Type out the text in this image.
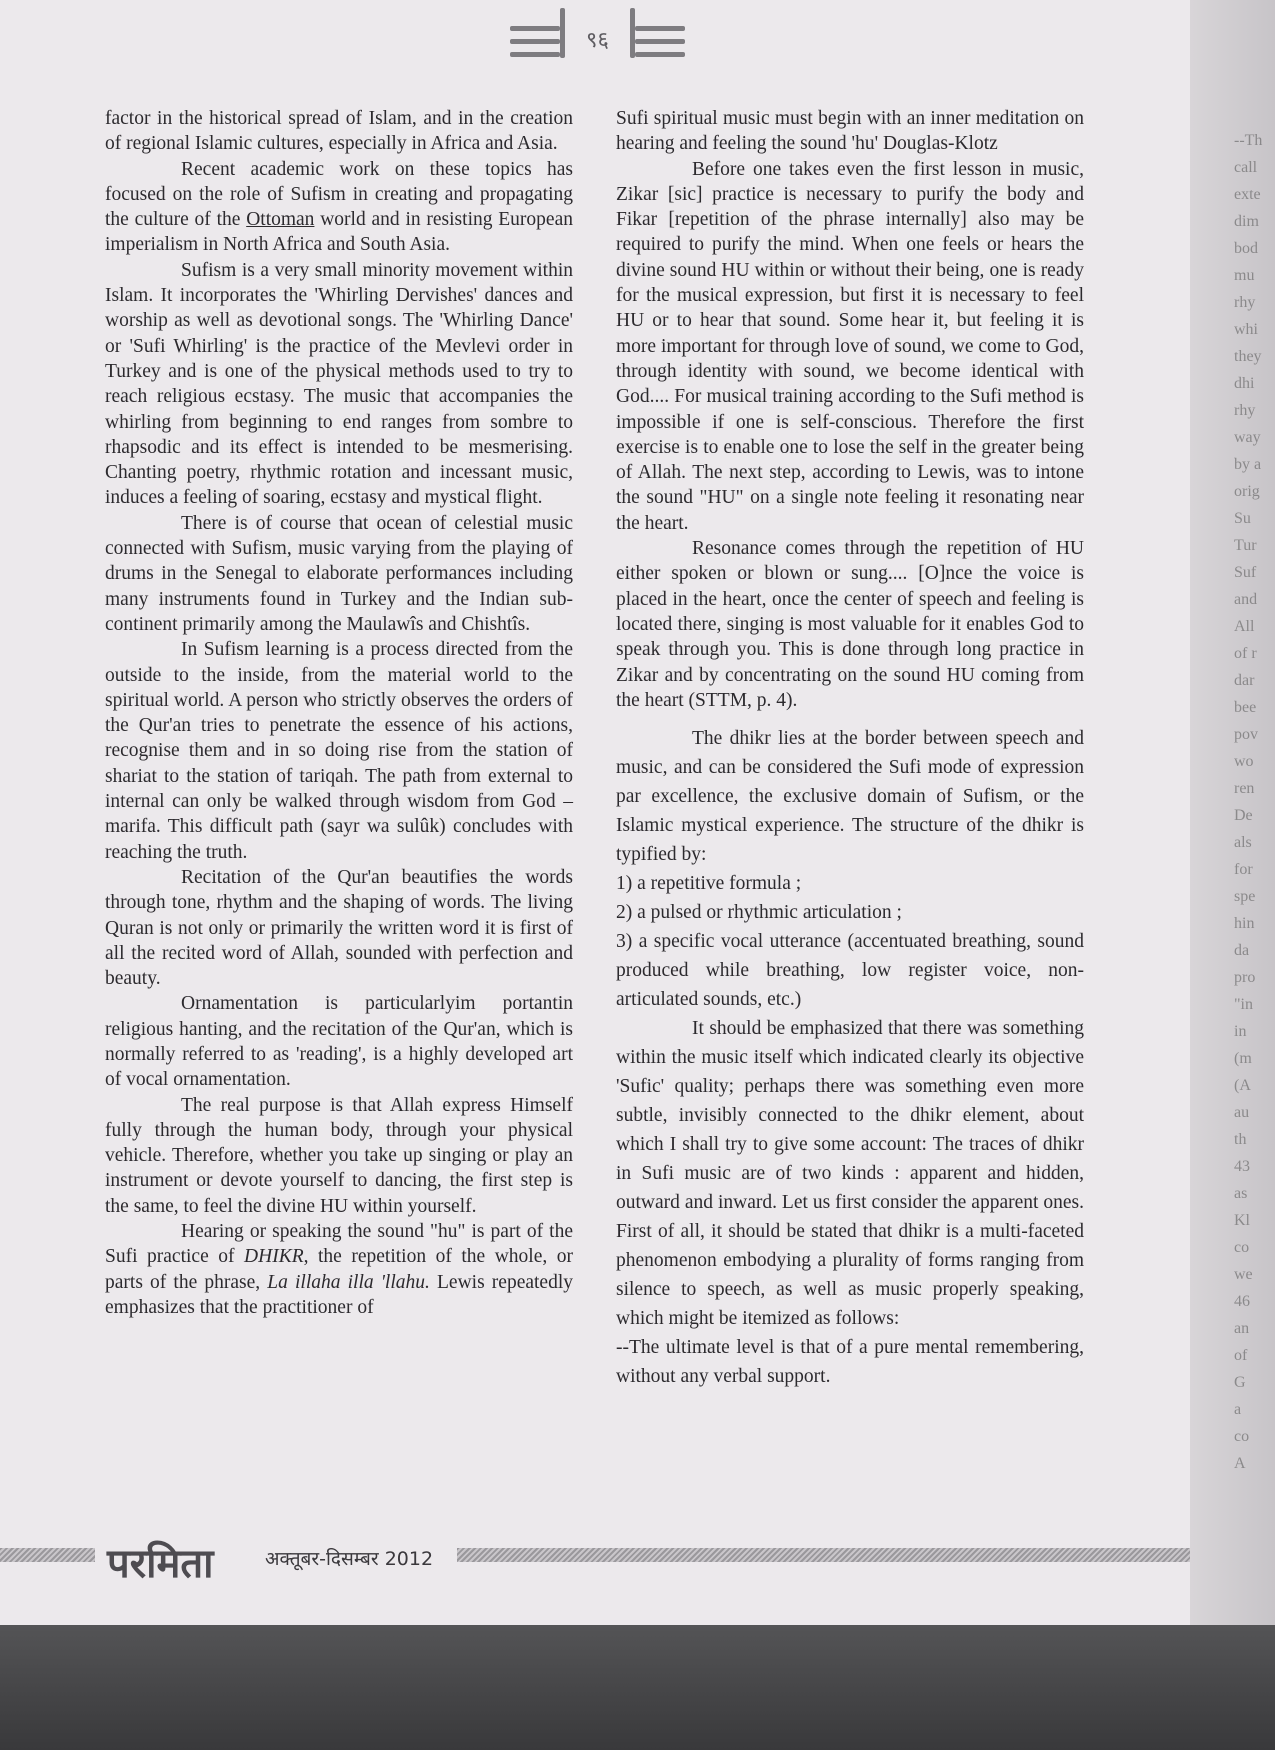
९६

factor in the historical spread of Islam, and in the creation of regional Islamic cultures, especially in Africa and Asia.

Recent academic work on these topics has focused on the role of Sufism in creating and propagating the culture of the Ottoman world and in resisting European imperialism in North Africa and South Asia.

Sufism is a very small minority movement within Islam. It incorporates the 'Whirling Dervishes' dances and worship as well as devotional songs. The 'Whirling Dance' or 'Sufi Whirling' is the practice of the Mevlevi order in Turkey and is one of the physical methods used to try to reach religious ecstasy. The music that accompanies the whirling from beginning to end ranges from sombre to rhapsodic and its effect is intended to be mesmerising. Chanting poetry, rhythmic rotation and incessant music, induces a feeling of soaring, ecstasy and mystical flight.

There is of course that ocean of celestial music connected with Sufism, music varying from the playing of drums in the Senegal to elaborate performances including many instruments found in Turkey and the Indian sub-continent primarily among the Maulawîs and Chishtîs.

In Sufism learning is a process directed from the outside to the inside, from the material world to the spiritual world. A person who strictly observes the orders of the Qur'an tries to penetrate the essence of his actions, recognise them and in so doing rise from the station of shariat to the station of tariqah. The path from external to internal can only be walked through wisdom from God – marifa. This difficult path (sayr wa sulûk) concludes with reaching the truth.

Recitation of the Qur'an beautifies the words through tone, rhythm and the shaping of words. The living Quran is not only or primarily the written word it is first of all the recited word of Allah, sounded with perfection and beauty.

Ornamentation is particularlyim portantin religious hanting, and the recitation of the Qur'an, which is normally referred to as 'reading', is a highly developed art of vocal ornamentation.

The real purpose is that Allah express Himself fully through the human body, through your physical vehicle. Therefore, whether you take up singing or play an instrument or devote yourself to dancing, the first step is the same, to feel the divine HU within yourself.

Hearing or speaking the sound "hu" is part of the Sufi practice of DHIKR, the repetition of the whole, or parts of the phrase, La illaha illa 'llahu. Lewis repeatedly emphasizes that the practitioner of

Sufi spiritual music must begin with an inner meditation on hearing and feeling the sound 'hu' Douglas-Klotz

Before one takes even the first lesson in music, Zikar [sic] practice is necessary to purify the body and Fikar [repetition of the phrase internally] also may be required to purify the mind. When one feels or hears the divine sound HU within or without their being, one is ready for the musical expression, but first it is necessary to feel HU or to hear that sound. Some hear it, but feeling it is more important for through love of sound, we come to God, through identity with sound, we become identical with God.... For musical training according to the Sufi method is impossible if one is self-conscious. Therefore the first exercise is to enable one to lose the self in the greater being of Allah. The next step, according to Lewis, was to intone the sound "HU" on a single note feeling it resonating near the heart.

Resonance comes through the repetition of HU either spoken or blown or sung.... [O]nce the voice is placed in the heart, once the center of speech and feeling is located there, singing is most valuable for it enables God to speak through you. This is done through long practice in Zikar and by concentrating on the sound HU coming from the heart (STTM, p. 4).

The dhikr lies at the border between speech and music, and can be considered the Sufi mode of expression par excellence, the exclusive domain of Sufism, or the Islamic mystical experience. The structure of the dhikr is typified by:

1) a repetitive formula ;

2) a pulsed or rhythmic articulation ;

3) a specific vocal utterance (accentuated breathing, sound produced while breathing, low register voice, non-articulated sounds, etc.)

It should be emphasized that there was something within the music itself which indicated clearly its objective 'Sufic' quality; perhaps there was something even more subtle, invisibly connected to the dhikr element, about which I shall try to give some account: The traces of dhikr in Sufi music are of two kinds : apparent and hidden, outward and inward. Let us first consider the apparent ones. First of all, it should be stated that dhikr is a multi-faceted phenomenon embodying a plurality of forms ranging from silence to speech, as well as music properly speaking, which might be itemized as follows:

--The ultimate level is that of a pure mental remembering, without any verbal support.

परमिता	अक्तूबर-दिसम्बर 2012
--Th
call
exte
dim
bod
mu
rhy
whi
they
dhi
rhy
way
by a
orig
Su
Tur
Suf
and
All
of r
dar
bee
pov
wo
ren
De
als
for
spe
hin
da
pro
"in
in
(m
(A
au
th
43
as
Kl
co
we
46
an
of
G
a
co
A
